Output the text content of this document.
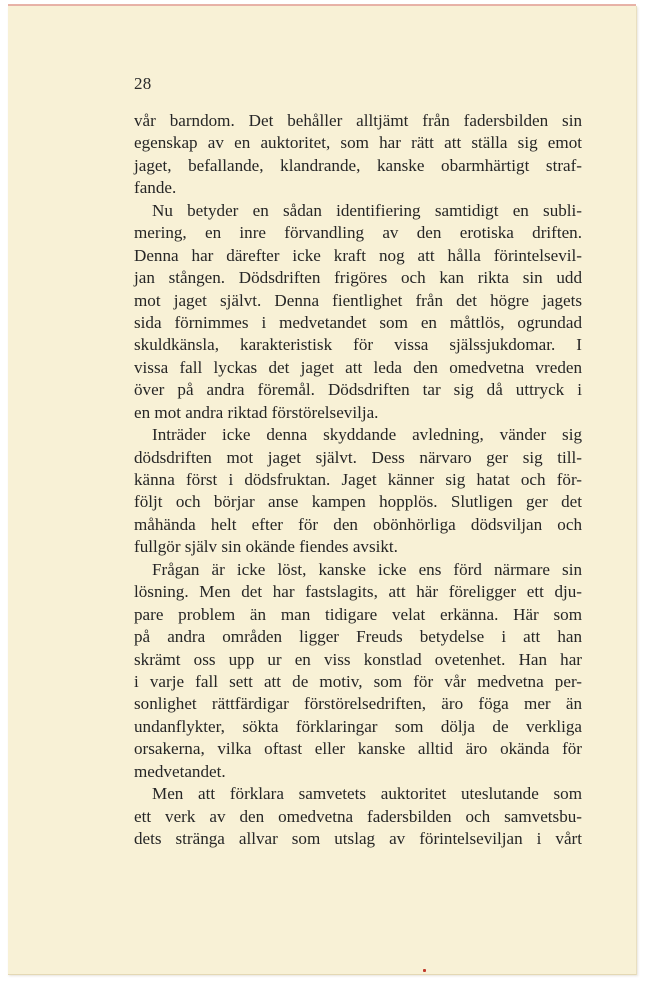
28
vår barndom. Det behåller alltjämt från fadersbilden sin
egenskap av en auktoritet, som har rätt att ställa sig emot
jaget, befallande, klandrande, kanske obarmhärtigt straf-
fande.
Nu betyder en sådan identifiering samtidigt en subli-
mering, en inre förvandling av den erotiska driften.
Denna har därefter icke kraft nog att hålla förintelsevil-
jan stången. Dödsdriften frigöres och kan rikta sin udd
mot jaget självt. Denna fientlighet från det högre jagets
sida förnimmes i medvetandet som en måttlös, ogrundad
skuldkänsla, karakteristisk för vissa själssjukdomar. I
vissa fall lyckas det jaget att leda den omedvetna vreden
över på andra föremål. Dödsdriften tar sig då uttryck i
en mot andra riktad förstörelsevilja.
Inträder icke denna skyddande avledning, vänder sig
dödsdriften mot jaget självt. Dess närvaro ger sig till-
känna först i dödsfruktan. Jaget känner sig hatat och för-
följt och börjar anse kampen hopplös. Slutligen ger det
måhända helt efter för den obönhörliga dödsviljan och
fullgör själv sin okände fiendes avsikt.
Frågan är icke löst, kanske icke ens förd närmare sin
lösning. Men det har fastslagits, att här föreligger ett dju-
pare problem än man tidigare velat erkänna. Här som
på andra områden ligger Freuds betydelse i att han
skrämt oss upp ur en viss konstlad ovetenhet. Han har
i varje fall sett att de motiv, som för vår medvetna per-
sonlighet rättfärdigar förstörelsedriften, äro föga mer än
undanflykter, sökta förklaringar som dölja de verkliga
orsakerna, vilka oftast eller kanske alltid äro okända för
medvetandet.
Men att förklara samvetets auktoritet uteslutande som
ett verk av den omedvetna fadersbilden och samvetsbu-
dets stränga allvar som utslag av förintelseviljan i vårt
